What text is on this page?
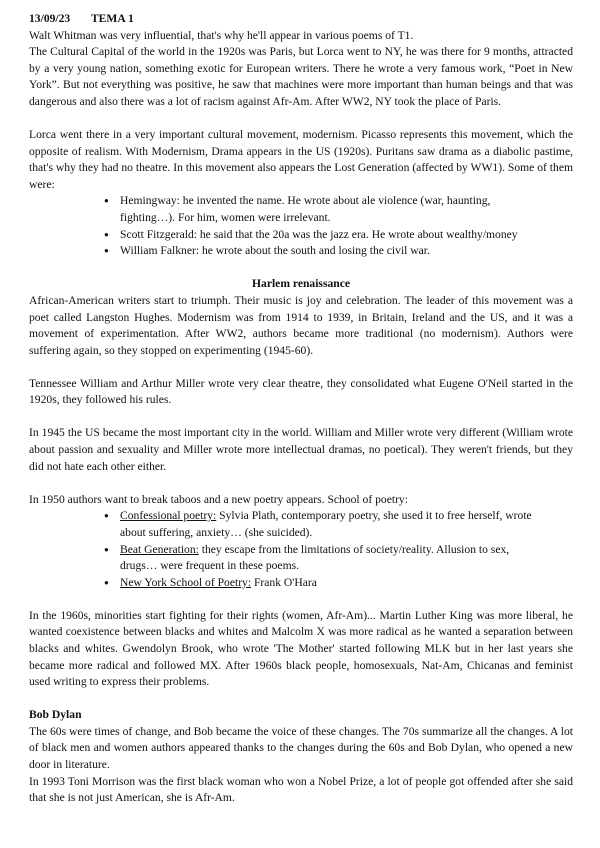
13/09/23 TEMA 1

Walt Whitman was very influential, that's why he'll appear in various poems of T1.

The Cultural Capital of the world in the 1920s was Paris, but Lorca went to NY, he was there for 9 months, attracted by a very young nation, something exotic for European writers. There he wrote a very famous work, “Poet in New York”. But not everything was positive, he saw that machines were more important than human beings and that was dangerous and also there was a lot of racism against Afr-Am. After WW2, NY took the place of Paris.

Lorca went there in a very important cultural movement, modernism. Picasso represents this movement, which the opposite of realism. With Modernism, Drama appears in the US (1920s). Puritans saw drama as a diabolic pastime, that's why they had no theatre. In this movement also appears the Lost Generation (affected by WW1). Some of them were:

● Hemingway: he invented the name. He wrote about ale violence (war, haunting, fighting…). For him, women were irrelevant.
● Scott Fitzgerald: he said that the 20a was the jazz era. He wrote about wealthy/money
● William Falkner: he wrote about the south and losing the civil war.

Harlem renaissance

African-American writers start to triumph. Their music is joy and celebration. The leader of this movement was a poet called Langston Hughes. Modernism was from 1914 to 1939, in Britain, Ireland and the US, and it was a movement of experimentation. After WW2, authors became more traditional (no modernism). Authors were suffering again, so they stopped on experimenting (1945-60).

Tennessee William and Arthur Miller wrote very clear theatre, they consolidated what Eugene O'Neil started in the 1920s, they followed his rules.

In 1945 the US became the most important city in the world. William and Miller wrote very different (William wrote about passion and sexuality and Miller wrote more intellectual dramas, no poetical). They weren't friends, but they did not hate each other either.

In 1950 authors want to break taboos and a new poetry appears. School of poetry:

● Confessional poetry: Sylvia Plath, contemporary poetry, she used it to free herself, wrote about suffering, anxiety… (she suicided).
● Beat Generation: they escape from the limitations of society/reality. Allusion to sex, drugs… were frequent in these poems.
● New York School of Poetry: Frank O'Hara

In the 1960s, minorities start fighting for their rights (women, Afr-Am)... Martin Luther King was more liberal, he wanted coexistence between blacks and whites and Malcolm X was more radical as he wanted a separation between blacks and whites. Gwendolyn Brook, who wrote 'The Mother' started following MLK but in her last years she became more radical and followed MX. After 1960s black people, homosexuals, Nat-Am, Chicanas and feminist used writing to express their problems.

Bob Dylan

The 60s were times of change, and Bob became the voice of these changes. The 70s summarize all the changes. A lot of black men and women authors appeared thanks to the changes during the 60s and Bob Dylan, who opened a new door in literature.

In 1993 Toni Morrison was the first black woman who won a Nobel Prize, a lot of people got offended after she said that she is not just American, she is Afr-Am.
